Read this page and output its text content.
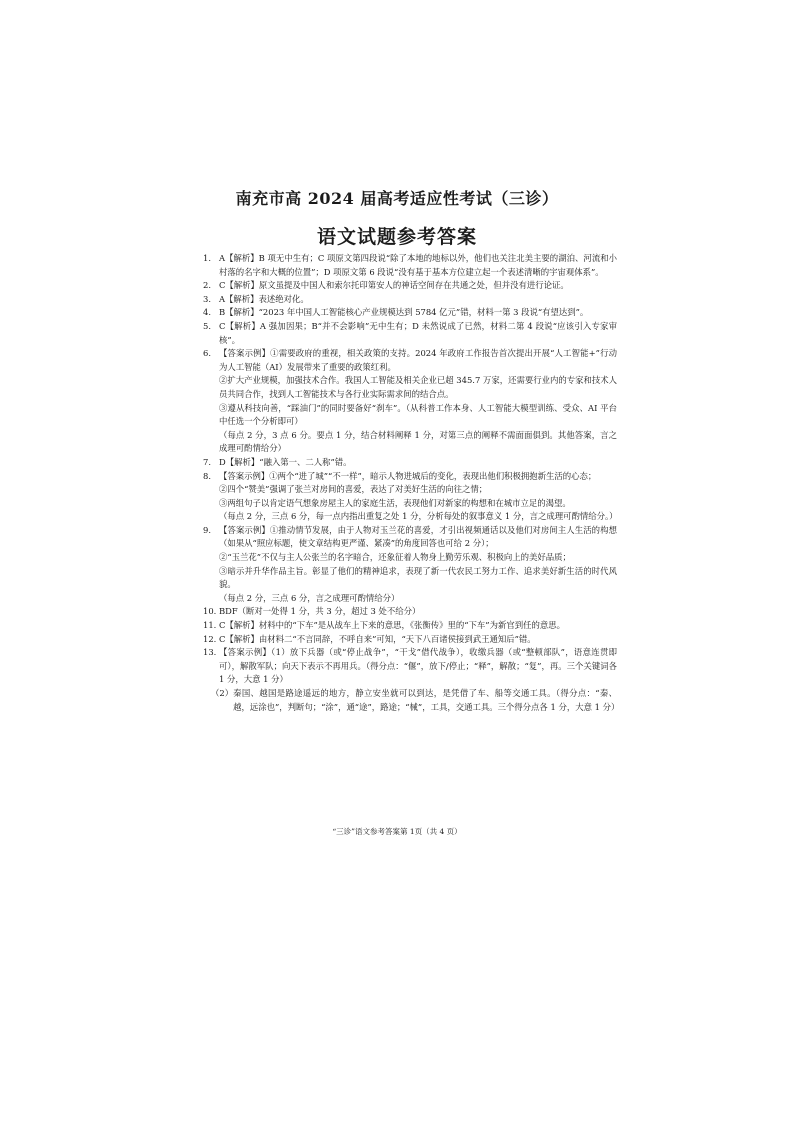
南充市高 2024 届高考适应性考试（三诊）
语文试题参考答案
1. A【解析】B 项无中生有；C 项原文第四段说“除了本地的地标以外，他们也关注北美主要的湖泊、河流和小村落的名字和大概的位置”；D 项原文第 6 段说“没有基于基本方位建立起一个表述清晰的宇宙观体系”。

2. C【解析】原文虽提及中国人和索尔托印第安人的神话空间存在共通之处，但并没有进行论证。

3. A【解析】表述绝对化。

4. B【解析】“2023 年中国人工智能核心产业规模达到 5784 亿元”错，材料一第 3 段说“有望达到”。

5. C【解析】A 强加因果；B“并不会影响”无中生有；D 未然说成了已然，材料二第 4 段说“应该引入专家审核”。

6. 【答案示例】①需要政府的重视，相关政策的支持。2024 年政府工作报告首次提出开展“人工智能+”行动为人工智能（AI）发展带来了重要的政策红利。

②扩大产业规模，加强技术合作。我国人工智能及相关企业已超 345.7 万家，还需要行业内的专家和技术人员共同合作，找到人工智能技术与各行业实际需求间的结合点。

③遵从科技向善，“踩油门”的同时要备好“刹车”。（从科普工作本身、人工智能大模型训练、受众、AI 平台中任选一个分析即可）

（每点 2 分，3 点 6 分。要点 1 分，结合材料阐释 1 分，对第三点的阐释不需面面俱到。其他答案，言之成理可酌情给分）

7. D【解析】“融入第一、二人称”错。

8. 【答案示例】①两个“进了城”“不一样”，暗示人物进城后的变化，表现出他们积极拥抱新生活的心态；

②四个“赞美”强调了张兰对房间的喜爱，表达了对美好生活的向往之情；

③两组句子以肯定语气想象房屋主人的家庭生活，表现他们对新家的构想和在城市立足的渴望。

（每点 2 分，三点 6 分，每一点内指出重复之处 1 分，分析每处的叙事意义 1 分，言之成理可酌情给分。）

9. 【答案示例】①推动情节发展，由于人物对玉兰花的喜爱，才引出视频通话以及他们对房间主人生活的构想（如果从“照应标题，使文章结构更严谨、紧凑”的角度回答也可给 2 分）；

②“玉兰花”不仅与主人公张兰的名字暗合，还象征着人物身上勤劳乐观、积极向上的美好品质；

③暗示并升华作品主旨。彰显了他们的精神追求，表现了新一代农民工努力工作、追求美好新生活的时代风貌。

（每点 2 分，三点 6 分，言之成理可酌情给分）

10. BDF（断对一处得 1 分，共 3 分，超过 3 处不给分）

11. C【解析】材料中的“下车”是从战车上下来的意思，《张衡传》里的“下车”为新官到任的意思。

12. C【解析】由材料二“不言同辞，不呼自来”可知，“天下八百诸侯接到武王通知后”错。

13. 【答案示例】（1）放下兵器（或“停止战争”，“干戈”借代战争），收缴兵器（或“整顿部队”，语意连贯即可），解散军队；向天下表示不再用兵。（得分点：“偃”，放下/停止；“释”，解散；“复”，再。三个关键词各 1 分，大意 1 分）

（2） 秦国、越国是路途遥远的地方，静立安坐就可以到达，是凭借了车、船等交通工具。（得分点：“秦、越，远涂也”，判断句；“涂”，通“途”，路途；“械”，工具，交通工具。三个得分点各 1 分，大意 1 分）
“三诊”语文参考答案第 1页（共 4 页）
